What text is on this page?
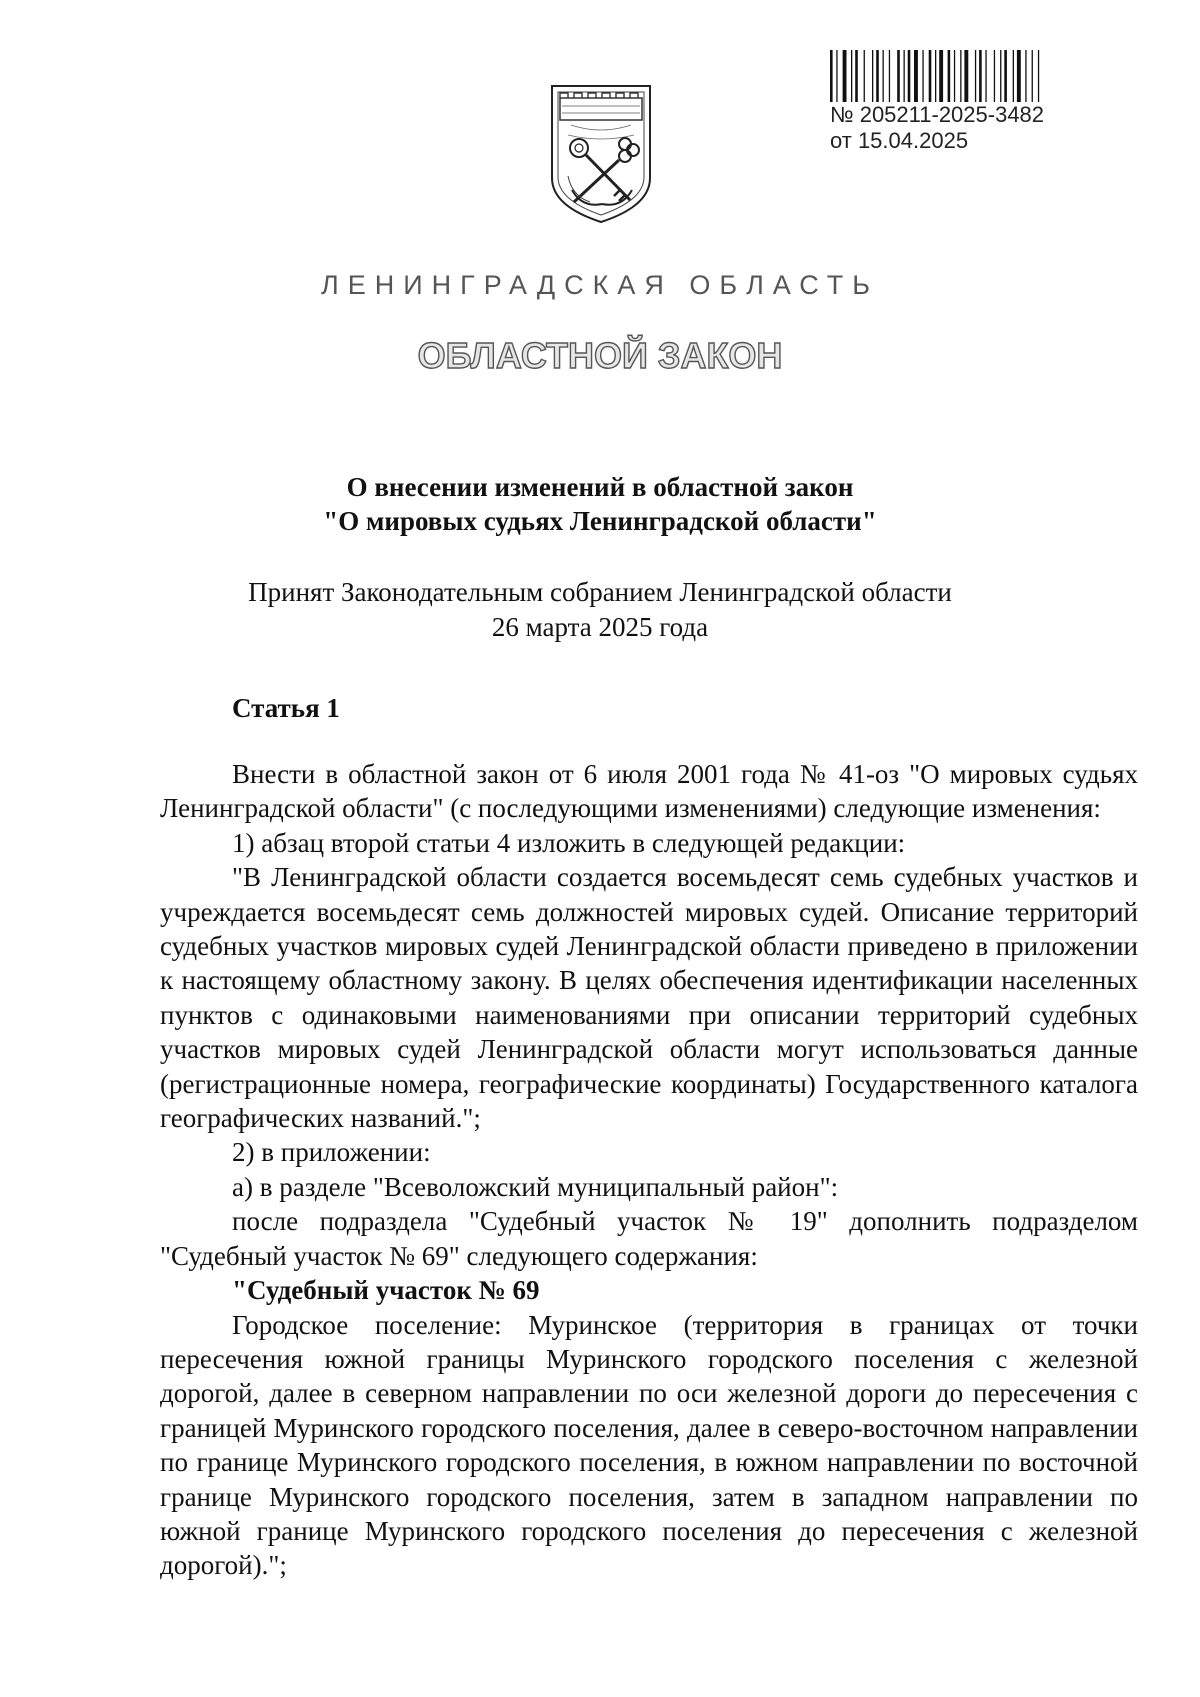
№ 205211-2025-3482
от 15.04.2025
ЛЕНИНГРАДСКАЯ ОБЛАСТЬ
ОБЛАСТНОЙ ЗАКОН
О внесении изменений в областной закон
"О мировых судьях Ленинградской области"
Принят Законодательным собранием Ленинградской области
26 марта 2025 года
Статья 1

Внести в областной закон от 6 июля 2001 года № 41-оз "О мировых судьях Ленинградской области" (с последующими изменениями) следующие изменения:

1) абзац второй статьи 4 изложить в следующей редакции:

"В Ленинградской области создается восемьдесят семь судебных участков и учреждается восемьдесят семь должностей мировых судей. Описание территорий судебных участков мировых судей Ленинградской области приведено в приложении к настоящему областному закону. В целях обеспечения идентификации населенных пунктов с одинаковыми наименованиями при описании территорий судебных участков мировых судей Ленинградской области могут использоваться данные (регистрационные номера, географические координаты) Государственного каталога географических названий.";

2) в приложении:

а) в разделе "Всеволожский муниципальный район":

после подраздела "Судебный участок № 19" дополнить подразделом "Судебный участок № 69" следующего содержания:

"Судебный участок № 69

Городское поселение: Муринское (территория в границах от точки пересечения южной границы Муринского городского поселения с железной дорогой, далее в северном направлении по оси железной дороги до пересечения с границей Муринского городского поселения, далее в северо-восточном направлении по границе Муринского городского поселения, в южном направлении по восточной границе Муринского городского поселения, затем в западном направлении по южной границе Муринского городского поселения до пересечения с железной дорогой).";
